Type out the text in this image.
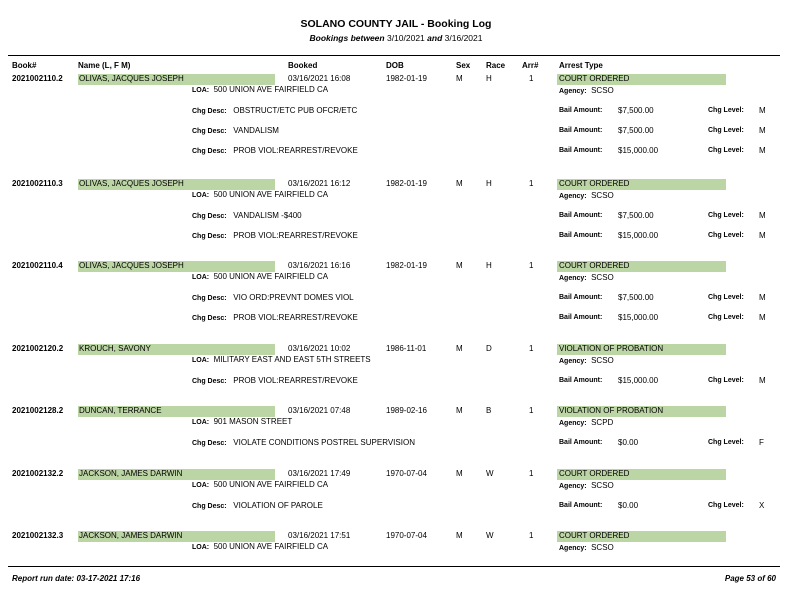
SOLANO COUNTY JAIL - Booking Log
Bookings between 3/10/2021 and 3/16/2021
Book#	Name (L, F M)	Booked	DOB	Sex Race Arr#	Arrest Type
2021002110.2 OLIVAS, JACQUES JOSEPH	03/16/2021 16:08	1982-01-19	M	H	1	COURT ORDERED
LOA: 500 UNION AVE FAIRFIELD CA	Agency: SCSO
Chg Desc: OBSTRUCT/ETC PUB OFCR/ETC	Bail Amount: $7,500.00	Chg Level: M
Chg Desc: VANDALISM	Bail Amount: $7,500.00	Chg Level: M
Chg Desc: PROB VIOL:REARREST/REVOKE	Bail Amount: $15,000.00	Chg Level: M
2021002110.3 OLIVAS, JACQUES JOSEPH	03/16/2021 16:12	1982-01-19	M	H	1	COURT ORDERED
LOA: 500 UNION AVE FAIRFIELD CA	Agency: SCSO
Chg Desc: VANDALISM -$400	Bail Amount: $7,500.00	Chg Level: M
Chg Desc: PROB VIOL:REARREST/REVOKE	Bail Amount: $15,000.00	Chg Level: M
2021002110.4 OLIVAS, JACQUES JOSEPH	03/16/2021 16:16	1982-01-19	M	H	1	COURT ORDERED
LOA: 500 UNION AVE FAIRFIELD CA	Agency: SCSO
Chg Desc: VIO ORD:PREVNT DOMES VIOL	Bail Amount: $7,500.00	Chg Level: M
Chg Desc: PROB VIOL:REARREST/REVOKE	Bail Amount: $15,000.00	Chg Level: M
2021002120.2 KROUCH, SAVONY	03/16/2021 10:02	1986-11-01	M	D	1	VIOLATION OF PROBATION
LOA: MILITARY EAST AND EAST 5TH STREETS	Agency: SCSO
Chg Desc: PROB VIOL:REARREST/REVOKE	Bail Amount: $15,000.00	Chg Level: M
2021002128.2 DUNCAN, TERRANCE	03/16/2021 07:48	1989-02-16	M	B	1	VIOLATION OF PROBATION
LOA: 901 MASON STREET	Agency: SCPD
Chg Desc: VIOLATE CONDITIONS POSTREL SUPERVISION	Bail Amount: $0.00	Chg Level: F
2021002132.2 JACKSON, JAMES DARWIN	03/16/2021 17:49	1970-07-04	M	W	1	COURT ORDERED
LOA: 500 UNION AVE FAIRFIELD CA	Agency: SCSO
Chg Desc: VIOLATION OF PAROLE	Bail Amount: $0.00	Chg Level: X
2021002132.3 JACKSON, JAMES DARWIN	03/16/2021 17:51	1970-07-04	M	W	1	COURT ORDERED
LOA: 500 UNION AVE FAIRFIELD CA	Agency: SCSO
Report run date: 03-17-2021 17:16	Page 53 of 60
